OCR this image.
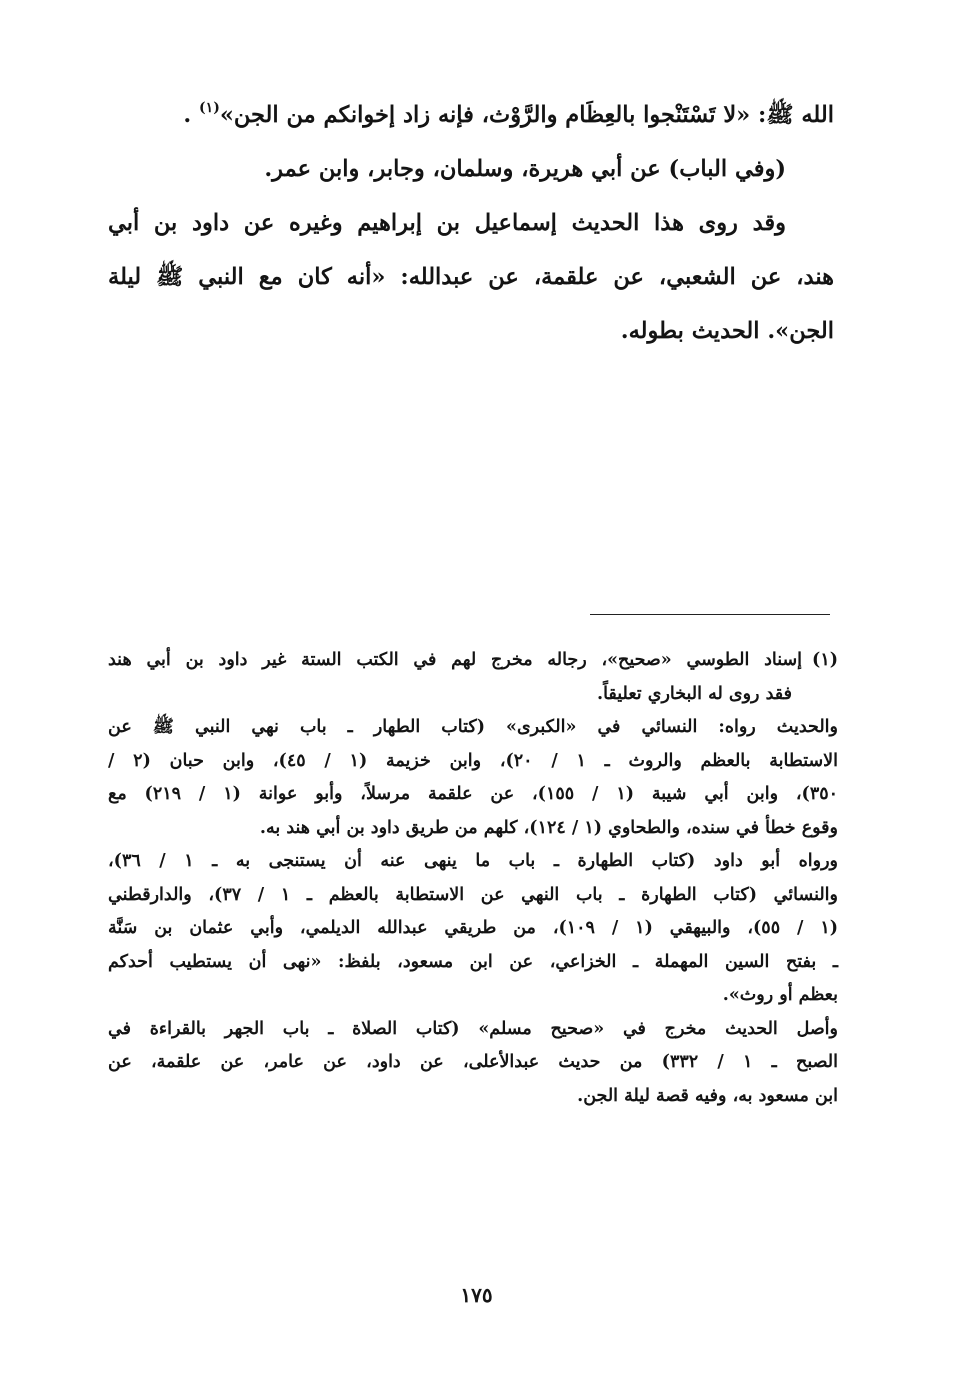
الله ﷺ: «لا تَسْتَنْجوا بالعِظَام والرَّوْث، فإنه زاد إخوانكم من الجن»$^{(١)}$ .

(وفي الباب) عن أبي هريرة، وسلمان، وجابر، وابن عمر.

وقد روى هذا الحديث إسماعيل بن إبراهيم وغيره عن داود بن أبي

هند، عن الشعبي، عن علقمة، عن عبدالله: «أنه كان مع النبي ﷺ ليلة

الجن». الحديث بطوله.

(١)إسناد الطوسي «صحيح»، رجاله مخرج لهم في الكتب الستة غير داود بن أبي هند
فقد روى له البخاري تعليقاً.
والحديث رواه: النسائي في «الكبرى» (كتاب الطهار ـ باب نهي النبي ﷺ عن
الاستطابة بالعظم والروث ـ ١ / ٢٠)، وابن خزيمة (١ / ٤٥)، وابن حبان (٢ /
٣٥٠)، وابن أبي شيبة (١ / ١٥٥)، عن علقمة مرسلاً، وأبو عوانة (١ / ٢١٩) مع
وقوع خطأ في سنده، والطحاوي (١ / ١٢٤)، كلهم من طريق داود بن أبي هند به.
ورواه أبو داود (كتاب الطهارة ـ باب ما ينهى عنه أن يستنجى به ـ ١ / ٣٦)،
والنسائي (كتاب الطهارة ـ باب النهي عن الاستطابة بالعظم ـ ١ / ٣٧)، والدارقطني
(١ / ٥٥)، والبيهقي (١ / ١٠٩)، من طريقي عبدالله الديلمي، وأبي عثمان بن سَنَّة
ـ بفتح السين المهملة ـ الخزاعي، عن ابن مسعود، بلفظ: «نهى أن يستطيب أحدكم
بعظم أو روث».
وأصل الحديث مخرج في «صحيح مسلم» (كتاب الصلاة ـ باب الجهر بالقراءة في
الصبح ـ ١ / ٣٣٢) من حديث عبدالأعلى، عن داود، عن عامر، عن علقمة، عن
ابن مسعود به، وفيه قصة ليلة الجن.
١٧٥
